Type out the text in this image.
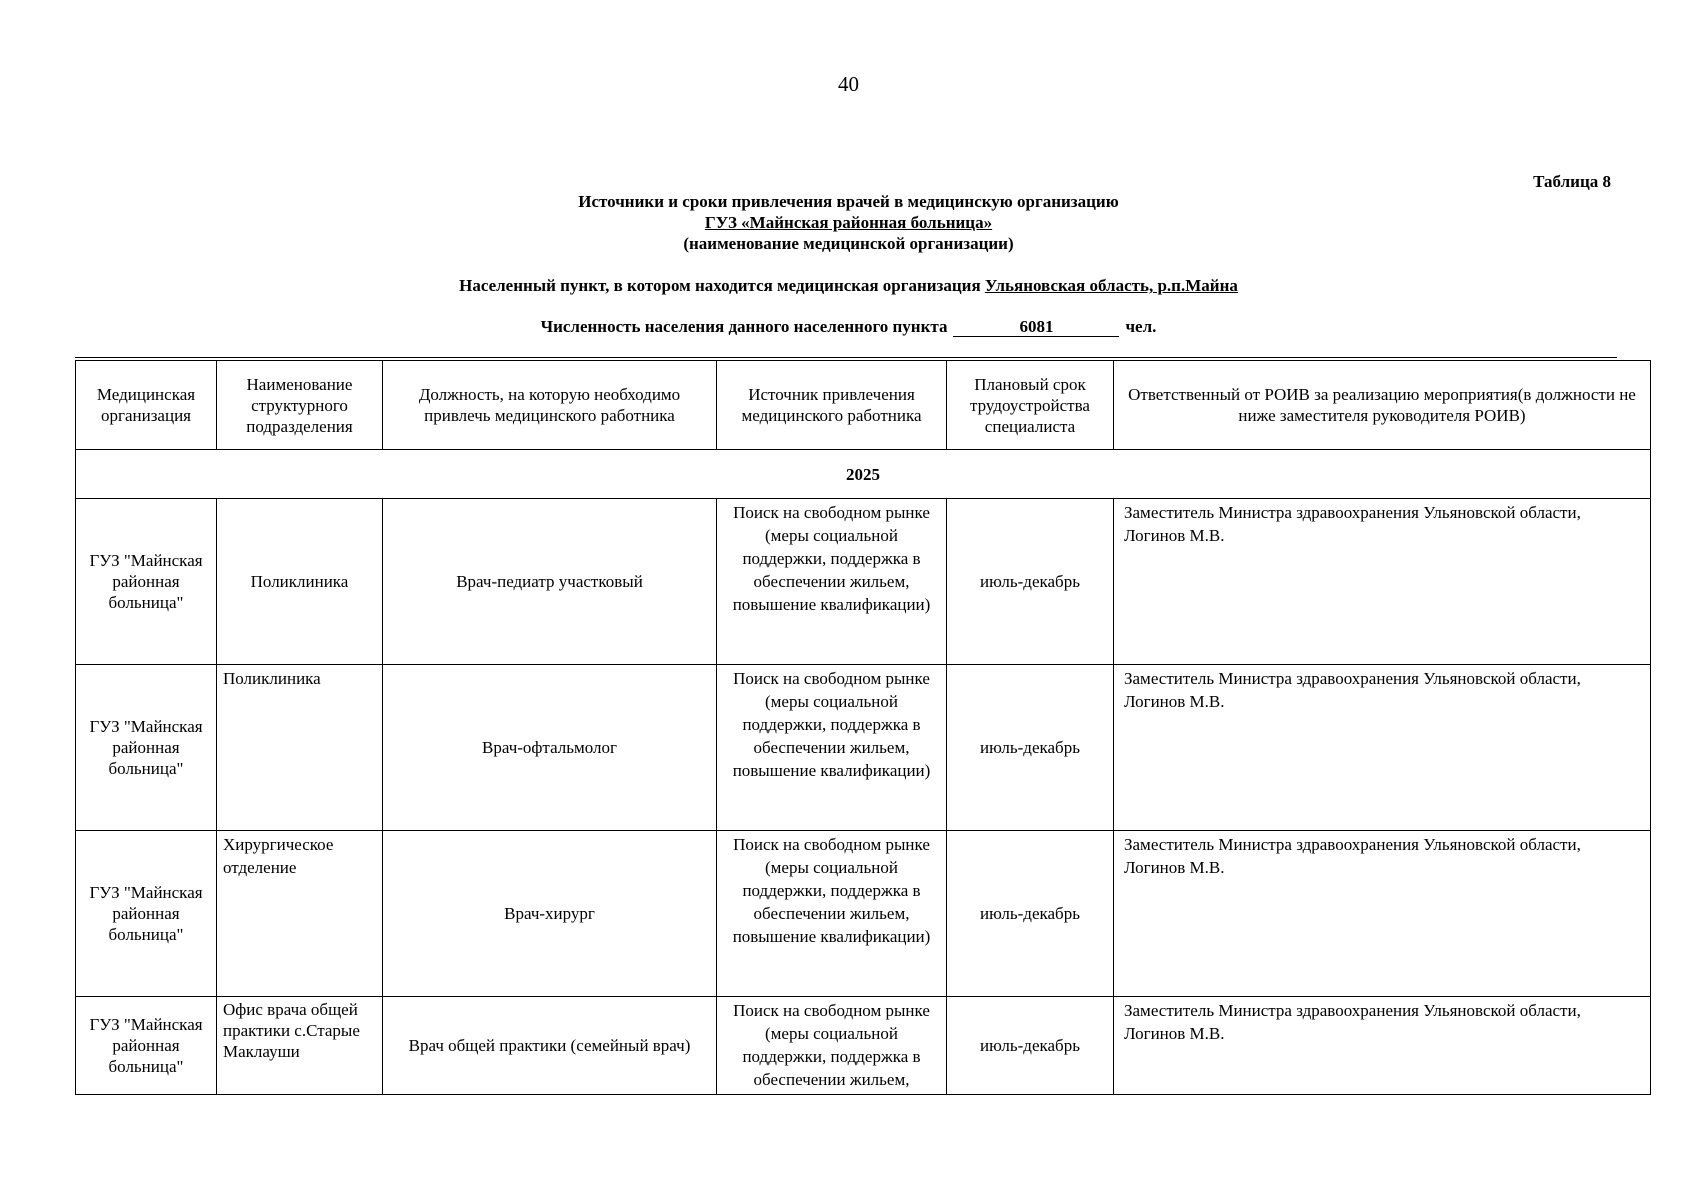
40
Таблица 8
Источники и сроки привлечения врачей в медицинскую организацию
ГУЗ «Майнская районная больница»
(наименование медицинской организации)
Населенный пункт, в котором находится медицинская организация Ульяновская область, р.п.Майна
Численность населения данного населенного пункта	6081	чел.
Медицинская организация	Наименование структурного подразделения	Должность, на которую необходимо привлечь медицинского работника	Источник привлечения медицинского работника	Плановый срок трудоустройства специалиста	Ответственный от РОИВ за реализацию мероприятия(в должности не ниже заместителя руководителя РОИВ)
2025					
ГУЗ "Майнская районная больница"	Поликлиника	Врач-педиатр участковый	Поиск на свободном рынке (меры социальной поддержки, поддержка в обеспечении жильем, повышение квалификации)	июль-декабрь	Заместитель Министра здравоохранения Ульяновской области, Логинов М.В.
ГУЗ "Майнская районная больница"	Поликлиника	Врач-офтальмолог	Поиск на свободном рынке (меры социальной поддержки, поддержка в обеспечении жильем, повышение квалификации)	июль-декабрь	Заместитель Министра здравоохранения Ульяновской области, Логинов М.В.
ГУЗ "Майнская районная больница"	Хирургическое отделение	Врач-хирург	Поиск на свободном рынке (меры социальной поддержки, поддержка в обеспечении жильем, повышение квалификации)	июль-декабрь	Заместитель Министра здравоохранения Ульяновской области, Логинов М.В.
ГУЗ "Майнская районная больница"	Офис врача общей практики с.Старые Маклауши	Врач общей практики (семейный врач)	Поиск на свободном рынке (меры социальной поддержки, поддержка в обеспечении жильем,	июль-декабрь	Заместитель Министра здравоохранения Ульяновской области, Логинов М.В.
